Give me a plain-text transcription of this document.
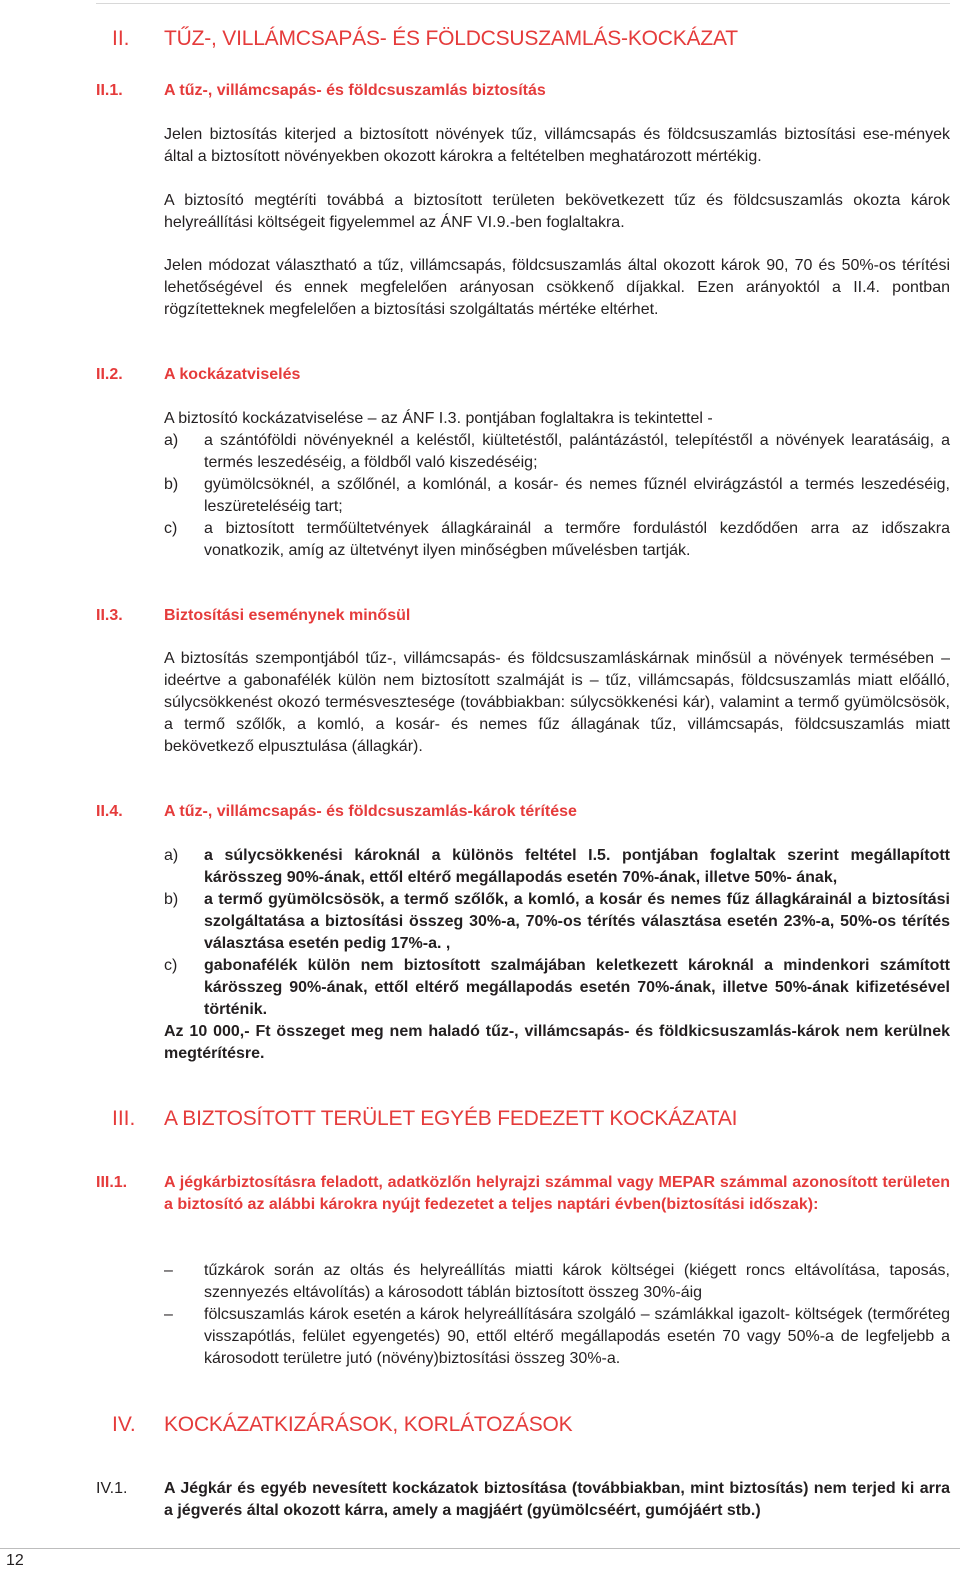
II. TŰZ-, VILLÁMCSAPÁS- ÉS FÖLDCSUSZAMLÁS-KOCKÁZAT
II.1.	A tűz-, villámcsapás- és földcsuszamlás biztosítás

Jelen biztosítás kiterjed a biztosított növények tűz, villámcsapás és földcsuszamlás biztosítási ese-mények által a biztosított növényekben okozott károkra a feltételben meghatározott mértékig.

A biztosító megtéríti továbbá a biztosított területen bekövetkezett tűz és földcsuszamlás okozta károk helyreállítási költségeit figyelemmel az ÁNF VI.9.-ben foglaltakra.

Jelen módozat választható a tűz, villámcsapás, földcsuszamlás által okozott károk 90, 70 és 50%-os térítési lehetőségével és ennek megfelelően arányosan csökkenő díjakkal. Ezen arányoktól a II.4. pontban rögzítetteknek megfelelően a biztosítási szolgáltatás mértéke eltérhet.

II.2.	A kockázatviselés

A biztosító kockázatviselése – az ÁNF I.3. pontjában foglaltakra is tekintettel -

a) a szántóföldi növényeknél a keléstől, kiültetéstől, palántázástól, telepítéstől a növények learatásáig, a termés leszedéséig, a földből való kiszedéséig;
b) gyümölcsöknél, a szőlőnél, a komlónál, a kosár- és nemes fűznél elvirágzástól a termés leszedéséig, leszüreteléséig tart;
c) a biztosított termőültetvények állagkárainál a termőre fordulástól kezdődően arra az időszakra vonatkozik, amíg az ültetvényt ilyen minőségben művelésben tartják.
II.3.	Biztosítási eseménynek minősül

A biztosítás szempontjából tűz-, villámcsapás- és földcsuszamláskárnak minősül a növények termésében – ideértve a gabonafélék külön nem biztosított szalmáját is – tűz, villámcsapás, földcsuszamlás miatt előálló, súlycsökkenést okozó termésvesztesége (továbbiakban: súlycsökkenési kár), valamint a termő gyümölcsösök, a termő szőlők, a komló, a kosár- és nemes fűz állagának tűz, villámcsapás, földcsuszamlás miatt bekövetkező elpusztulása (állagkár).

II.4.	A tűz-, villámcsapás- és földcsuszamlás-károk térítése
a) a súlycsökkenési károknál a különös feltétel I.5. pontjában foglaltak szerint megállapított kárösszeg 90%-ának, ettől eltérő megállapodás esetén 70%-ának, illetve 50%- ának,
b) a termő gyümölcsösök, a termő szőlők, a komló, a kosár és nemes fűz állagkárainál a biztosítási szolgáltatása a biztosítási összeg 30%-a, 70%-os térítés választása esetén 23%-a, 50%-os térítés választása esetén pedig 17%-a. ,
c) gabonafélék külön nem biztosított szalmájában keletkezett károknál a mindenkori számított kárösszeg 90%-ának, ettől eltérő megállapodás esetén 70%-ának, illetve 50%-ának kifizetésével történik.

Az 10 000,- Ft összeget meg nem haladó tűz-, villámcsapás- és földkicsuszamlás-károk nem kerülnek megtérítésre.

III. A BIZTOSÍTOTT TERÜLET EGYÉB FEDEZETT KOCKÁZATAI
III.1.	A jégkárbiztosításra feladott, adatközlőn helyrajzi számmal vagy MEPAR számmal azonosított területen a biztosító az alábbi károkra nyújt fedezetet a teljes naptári évben(biztosítási időszak):
– tűzkárok során az oltás és helyreállítás miatti károk költségei (kiégett roncs eltávolítása, taposás, szennyezés eltávolítás) a károsodott táblán biztosított összeg 30%-áig
– fölcsuszamlás károk esetén a károk helyreállítására szolgáló – számlákkal igazolt- költségek (termőréteg visszapótlás, felület egyengetés) 90, ettől eltérő megállapodás esetén 70 vagy 50%-a de legfeljebb a károsodott területre jutó (növény)biztosítási összeg 30%-a.
IV. KOCKÁZATKIZÁRÁSOK, KORLÁTOZÁSOK
IV.1.	A Jégkár és egyéb nevesített kockázatok biztosítása (továbbiakban, mint biztosítás) nem terjed ki arra a jégverés által okozott kárra, amely a magjáért (gyümölcséért, gumójáért stb.)
12
